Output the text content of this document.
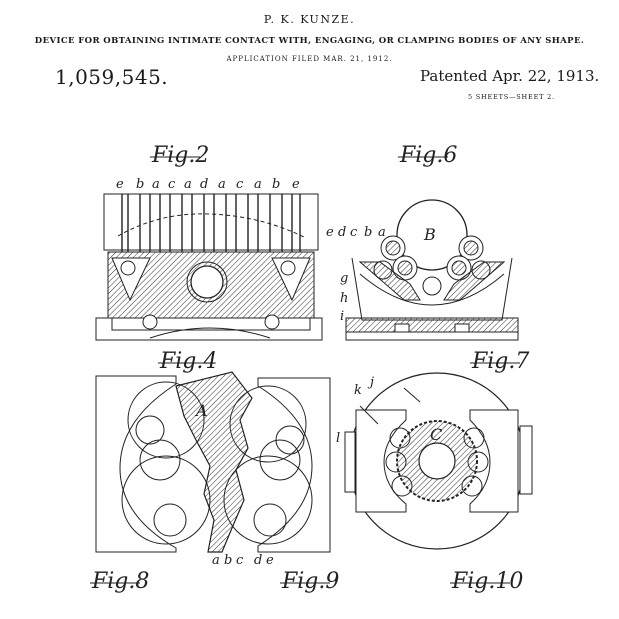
P. K. KUNZE.
DEVICE FOR OBTAINING INTIMATE CONTACT WITH, ENGAGING, OR CLAMPING BODIES OF ANY SHAPE.
APPLICATION FILED MAR. 21, 1912.
1,059,545.	Patented Apr. 22, 1913.
5 SHEETS—SHEET 2.
e b a c a d a c a b e
e d c b a B
g
h
i
A
a b c d e
k
j
l	C
Fig.2	Fig.6
Fig.4	Fig.7
Fig.8	Fig.9	Fig.10
